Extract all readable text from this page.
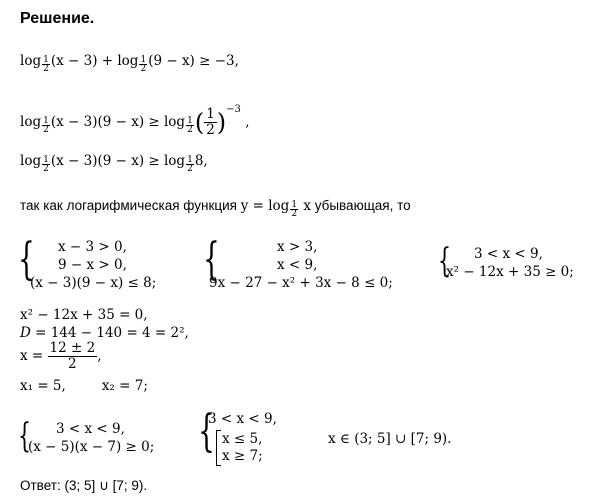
Решение.
$\log \frac{1}{2} (x - 3) + \log \frac{1}{2} (9 - x) \ge -3$,
$\log \frac{1}{2} (x - 3)(9 - x) \ge \log \frac{1}{2}$ ( $\frac{1}{2} )^{-3}$ ,
$\log \frac{1}{2} (x - 3)(9 - x) \ge \log \frac{1}{2} 8$,
так как логарифмическая функция $y = \log \frac{1}{2}$ x убывающая, то
{ x − 3 > 0,
9 − x > 0,
(x − 3)(9 − x) ≤ 8; {	x > 3,
x < 9,
9x − 27 − x² + 3x − 8 ≤ 0;
{ 3 < x < 9,
x² − 12x + 35 ≥ 0;
x² − 12x + 35 = 0,
D = 144 − 140 = 4 = 2²,
$x = \frac{12 \pm 2}{2}$ ,
x₁ = 5,	x₂ = 7;
{ 3 < x < 9,
(x − 5)(x − 7) ≥ 0; {
3 < x < 9,
x ≤ 5,
x ≥ 7;
x ∈ (3; 5] ∪ [7; 9).
Ответ: (3; 5] ∪ [7; 9).
